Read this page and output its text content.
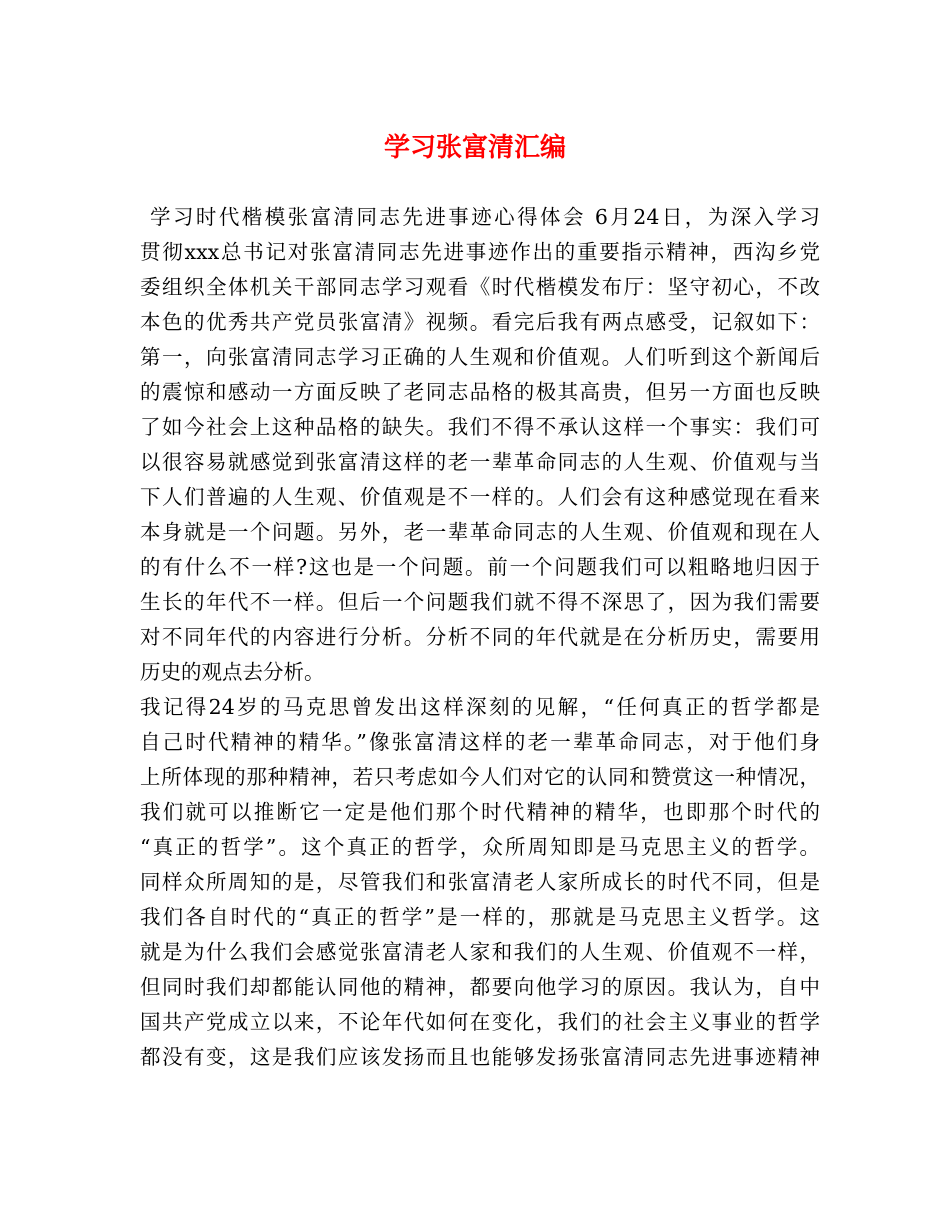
学习张富清汇编
学习时代楷模张富清同志先进事迹心得体会 6月24日，为深入学习
贯彻xxx总书记对张富清同志先进事迹作出的重要指示精神，西沟乡党
委组织全体机关干部同志学习观看《时代楷模发布厅：坚守初心，不改
本色的优秀共产党员张富清》视频。看完后我有两点感受，记叙如下：
第一，向张富清同志学习正确的人生观和价值观。人们听到这个新闻后
的震惊和感动一方面反映了老同志品格的极其高贵，但另一方面也反映
了如今社会上这种品格的缺失。我们不得不承认这样一个事实：我们可
以很容易就感觉到张富清这样的老一辈革命同志的人生观、价值观与当
下人们普遍的人生观、价值观是不一样的。人们会有这种感觉现在看来
本身就是一个问题。另外，老一辈革命同志的人生观、价值观和现在人
的有什么不一样?这也是一个问题。前一个问题我们可以粗略地归因于
生长的年代不一样。但后一个问题我们就不得不深思了，因为我们需要
对不同年代的内容进行分析。分析不同的年代就是在分析历史，需要用
历史的观点去分析。
我记得24岁的马克思曾发出这样深刻的见解，“任何真正的哲学都是
自己时代精神的精华。”像张富清这样的老一辈革命同志，对于他们身
上所体现的那种精神，若只考虑如今人们对它的认同和赞赏这一种情况，
我们就可以推断它一定是他们那个时代精神的精华，也即那个时代的
“真正的哲学”。这个真正的哲学，众所周知即是马克思主义的哲学。
同样众所周知的是，尽管我们和张富清老人家所成长的时代不同，但是
我们各自时代的“真正的哲学”是一样的，那就是马克思主义哲学。这
就是为什么我们会感觉张富清老人家和我们的人生观、价值观不一样，
但同时我们却都能认同他的精神，都要向他学习的原因。我认为，自中
国共产党成立以来，不论年代如何在变化，我们的社会主义事业的哲学
都没有变，这是我们应该发扬而且也能够发扬张富清同志先进事迹精神
